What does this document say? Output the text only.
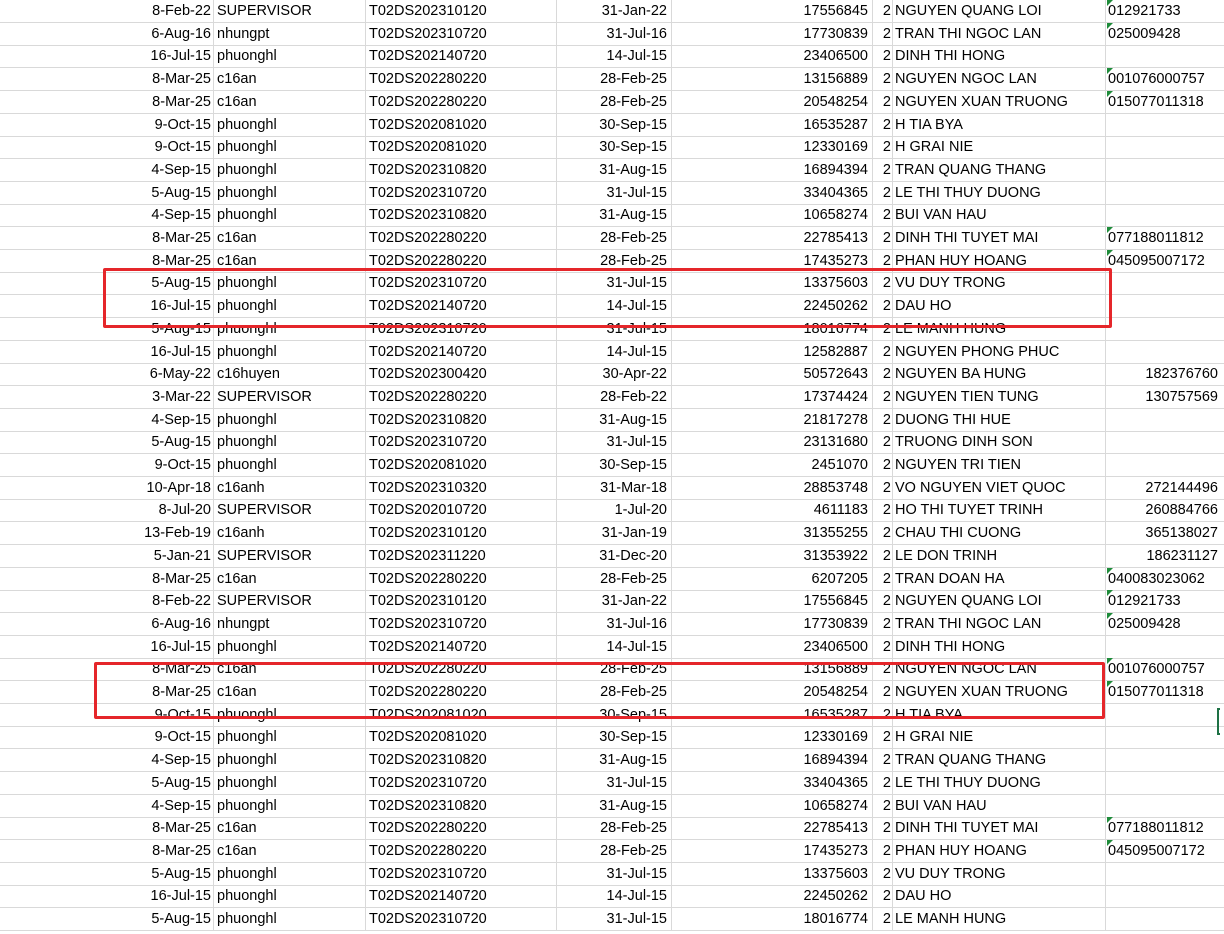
8-Feb-22 SUPERVISOR	T02DS202310120	31-Jan-22	17556845	2 NGUYEN QUANG LOI	012921733
6-Aug-16 nhungpt	T02DS202310720	31-Jul-16	17730839	2 TRAN THI NGOC LAN	025009428
16-Jul-15 phuonghl	T02DS202140720	14-Jul-15	23406500	2 DINH THI HONG
8-Mar-25 c16an	T02DS202280220	28-Feb-25	13156889	2 NGUYEN NGOC LAN	001076000757
8-Mar-25 c16an	T02DS202280220	28-Feb-25	20548254	2 NGUYEN XUAN TRUONG	015077011318
9-Oct-15 phuonghl	T02DS202081020	30-Sep-15	16535287	2 H TIA BYA
9-Oct-15 phuonghl	T02DS202081020	30-Sep-15	12330169	2 H GRAI NIE
4-Sep-15 phuonghl	T02DS202310820	31-Aug-15	16894394	2 TRAN QUANG THANG
5-Aug-15 phuonghl	T02DS202310720	31-Jul-15	33404365	2 LE THI THUY DUONG
4-Sep-15 phuonghl	T02DS202310820	31-Aug-15	10658274	2 BUI VAN HAU
8-Mar-25 c16an	T02DS202280220	28-Feb-25	22785413	2 DINH THI TUYET MAI	077188011812
8-Mar-25 c16an	T02DS202280220	28-Feb-25	17435273	2 PHAN HUY HOANG	045095007172
5-Aug-15 phuonghl	T02DS202310720	31-Jul-15	13375603	2 VU DUY TRONG
16-Jul-15 phuonghl	T02DS202140720	14-Jul-15	22450262	2 DAU HO
5-Aug-15 phuonghl	T02DS202310720	31-Jul-15	18016774	2 LE MANH HUNG
16-Jul-15 phuonghl	T02DS202140720	14-Jul-15	12582887	2 NGUYEN PHONG PHUC
6-May-22 c16huyen	T02DS202300420	30-Apr-22	50572643	2 NGUYEN BA HUNG	182376760
3-Mar-22 SUPERVISOR	T02DS202280220	28-Feb-22	17374424	2 NGUYEN TIEN TUNG	130757569
4-Sep-15 phuonghl	T02DS202310820	31-Aug-15	21817278	2 DUONG THI HUE
5-Aug-15 phuonghl	T02DS202310720	31-Jul-15	23131680	2 TRUONG DINH SON
9-Oct-15 phuonghl	T02DS202081020	30-Sep-15	2451070	2 NGUYEN TRI TIEN
10-Apr-18 c16anh	T02DS202310320	31-Mar-18	28853748	2 VO NGUYEN VIET QUOC	272144496
8-Jul-20 SUPERVISOR	T02DS202010720	1-Jul-20	4611183	2 HO THI TUYET TRINH	260884766
13-Feb-19 c16anh	T02DS202310120	31-Jan-19	31355255	2 CHAU THI CUONG	365138027
5-Jan-21 SUPERVISOR	T02DS202311220	31-Dec-20	31353922	2 LE DON TRINH	186231127
8-Mar-25 c16an	T02DS202280220	28-Feb-25	6207205	2 TRAN DOAN HA	040083023062
8-Feb-22 SUPERVISOR	T02DS202310120	31-Jan-22	17556845	2 NGUYEN QUANG LOI	012921733
6-Aug-16 nhungpt	T02DS202310720	31-Jul-16	17730839	2 TRAN THI NGOC LAN	025009428
16-Jul-15 phuonghl	T02DS202140720	14-Jul-15	23406500	2 DINH THI HONG
8-Mar-25 c16an	T02DS202280220	28-Feb-25	13156889	2 NGUYEN NGOC LAN	001076000757
8-Mar-25 c16an	T02DS202280220	28-Feb-25	20548254	2 NGUYEN XUAN TRUONG	015077011318
9-Oct-15 phuonghl	T02DS202081020	30-Sep-15	16535287	2 H TIA BYA
9-Oct-15 phuonghl	T02DS202081020	30-Sep-15	12330169	2 H GRAI NIE
4-Sep-15 phuonghl	T02DS202310820	31-Aug-15	16894394	2 TRAN QUANG THANG
5-Aug-15 phuonghl	T02DS202310720	31-Jul-15	33404365	2 LE THI THUY DUONG
4-Sep-15 phuonghl	T02DS202310820	31-Aug-15	10658274	2 BUI VAN HAU
8-Mar-25 c16an	T02DS202280220	28-Feb-25	22785413	2 DINH THI TUYET MAI	077188011812
8-Mar-25 c16an	T02DS202280220	28-Feb-25	17435273	2 PHAN HUY HOANG	045095007172
5-Aug-15 phuonghl	T02DS202310720	31-Jul-15	13375603	2 VU DUY TRONG
16-Jul-15 phuonghl	T02DS202140720	14-Jul-15	22450262	2 DAU HO
5-Aug-15 phuonghl	T02DS202310720	31-Jul-15	18016774	2 LE MANH HUNG
